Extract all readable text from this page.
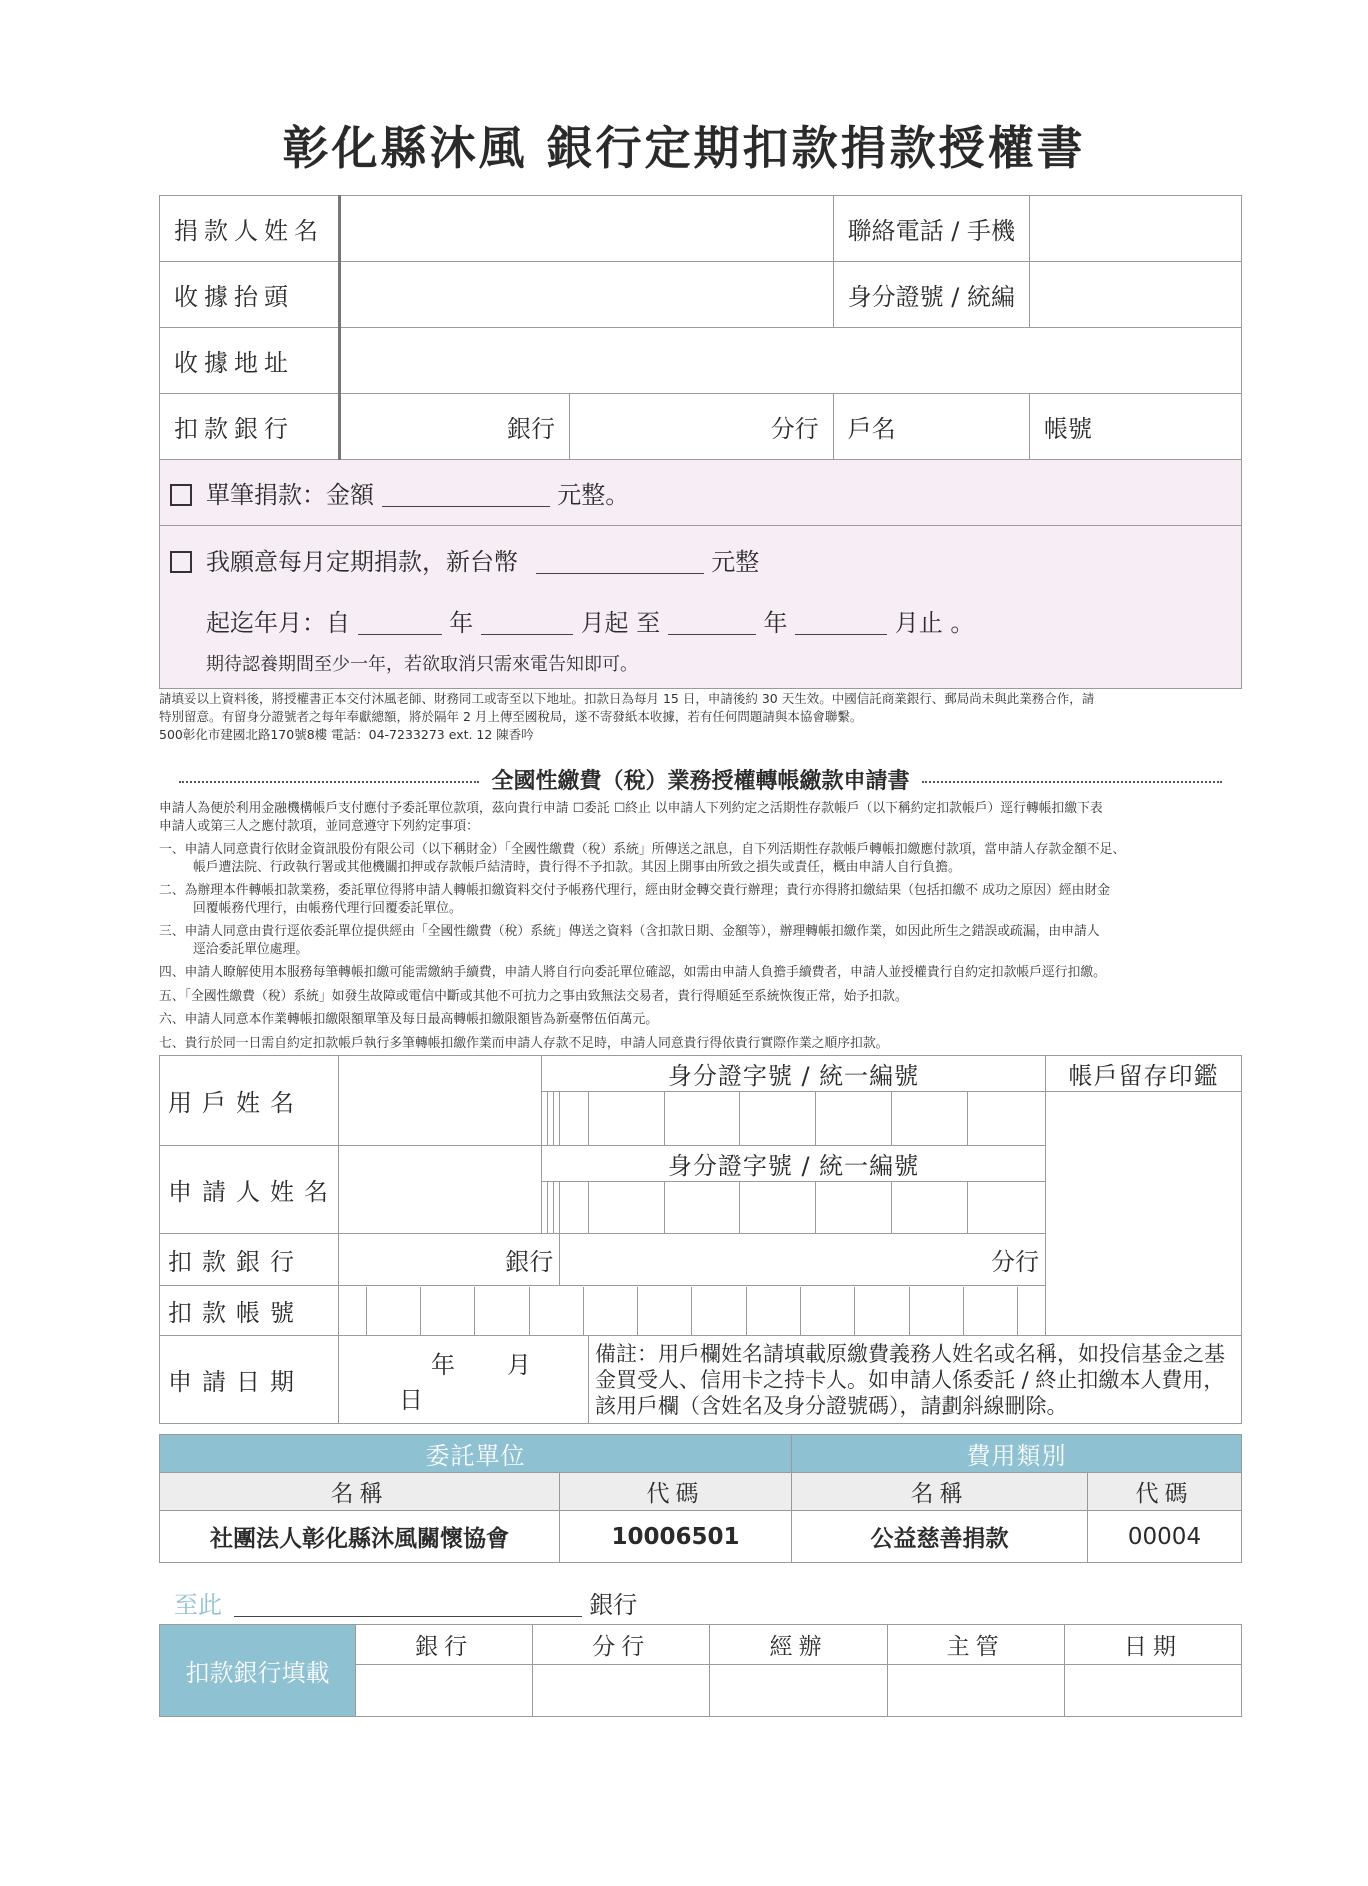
彰化縣沐風 銀行定期扣款捐款授權書
捐款人姓名			聯絡電話 / 手機	
收據抬頭			身分證號 / 統編	
收據地址				
扣款銀行	銀行	分行	戶名	帳號
單筆捐款：金額 元整。				

我願意每月定期捐款，新台幣 元整
起迄年月：自 年 月起 至 年 月止 。
期待認養期間至少一年，若欲取消只需來電告知即可。				
請填妥以上資料後，將授權書正本交付沐風老師、財務同工或寄至以下地址。扣款日為每月 15 日，申請後約 30 天生效。中國信託商業銀行、郵局尚未與此業務合作，請
特別留意。有留身分證號者之每年奉獻總額，將於隔年 2 月上傳至國稅局，遂不寄發紙本收據，若有任何問題請與本協會聯繫。
500彰化市建國北路170號8樓 電話：04-7233273 ext. 12 陳香吟
全國性繳費（稅）業務授權轉帳繳款申請書

申請人為便於利用金融機構帳戶支付應付予委託單位款項，茲向貴行申請 ☐委託 ☐終止 以申請人下列約定之活期性存款帳戶（以下稱約定扣款帳戶）逕行轉帳扣繳下表
申請人或第三人之應付款項，並同意遵守下列約定事項：

一、申請人同意貴行依財金資訊股份有限公司（以下稱財金）「全國性繳費（稅）系統」所傳送之訊息，自下列活期性存款帳戶轉帳扣繳應付款項，當申請人存款金額不足、
帳戶遭法院、行政執行署或其他機關扣押或存款帳戶結清時，貴行得不予扣款。其因上開事由所致之損失或責任，概由申請人自行負擔。

二、為辦理本件轉帳扣款業務，委託單位得將申請人轉帳扣繳資料交付予帳務代理行，經由財金轉交貴行辦理；貴行亦得將扣繳結果（包括扣繳不 成功之原因）經由財金
回覆帳務代理行，由帳務代理行回覆委託單位。

三、申請人同意由貴行逕依委託單位提供經由「全國性繳費（稅）系統」傳送之資料（含扣款日期、金額等），辦理轉帳扣繳作業，如因此所生之錯誤或疏漏，由申請人
逕洽委託單位處理。

四、申請人瞭解使用本服務每筆轉帳扣繳可能需繳納手續費，申請人將自行向委託單位確認，如需由申請人負擔手續費者，申請人並授權貴行自約定扣款帳戶逕行扣繳。

五、「全國性繳費（稅）系統」如發生故障或電信中斷或其他不可抗力之事由致無法交易者，貴行得順延至系統恢復正常，始予扣款。

六、申請人同意本作業轉帳扣繳限額單筆及每日最高轉帳扣繳限額皆為新臺幣伍佰萬元。

七、貴行於同一日需自約定扣款帳戶執行多筆轉帳扣繳作業而申請人存款不足時，申請人同意貴行得依貴行實際作業之順序扣款。

用戶姓名		身分證字號 / 統一編號	帳戶留存印鑑

申請人姓名		身分證字號 / 統一編號

扣款銀行	銀行	分行
扣款帳號	

申請日期	年 月日	備註：用戶欄姓名請填載原繳費義務人姓名或名稱，如投信基金之基金買受人、信用卡之持卡人。如申請人係委託 / 終止扣繳本人費用，該用戶欄（含姓名及身分證號碼），請劃斜線刪除。
委託單位		費用類別	
名稱	代碼	名稱	代碼
社團法人彰化縣沐風關懷協會	10006501	公益慈善捐款	00004
至此	銀行
扣款銀行填載	銀行	分行	經辦	主管	日期
